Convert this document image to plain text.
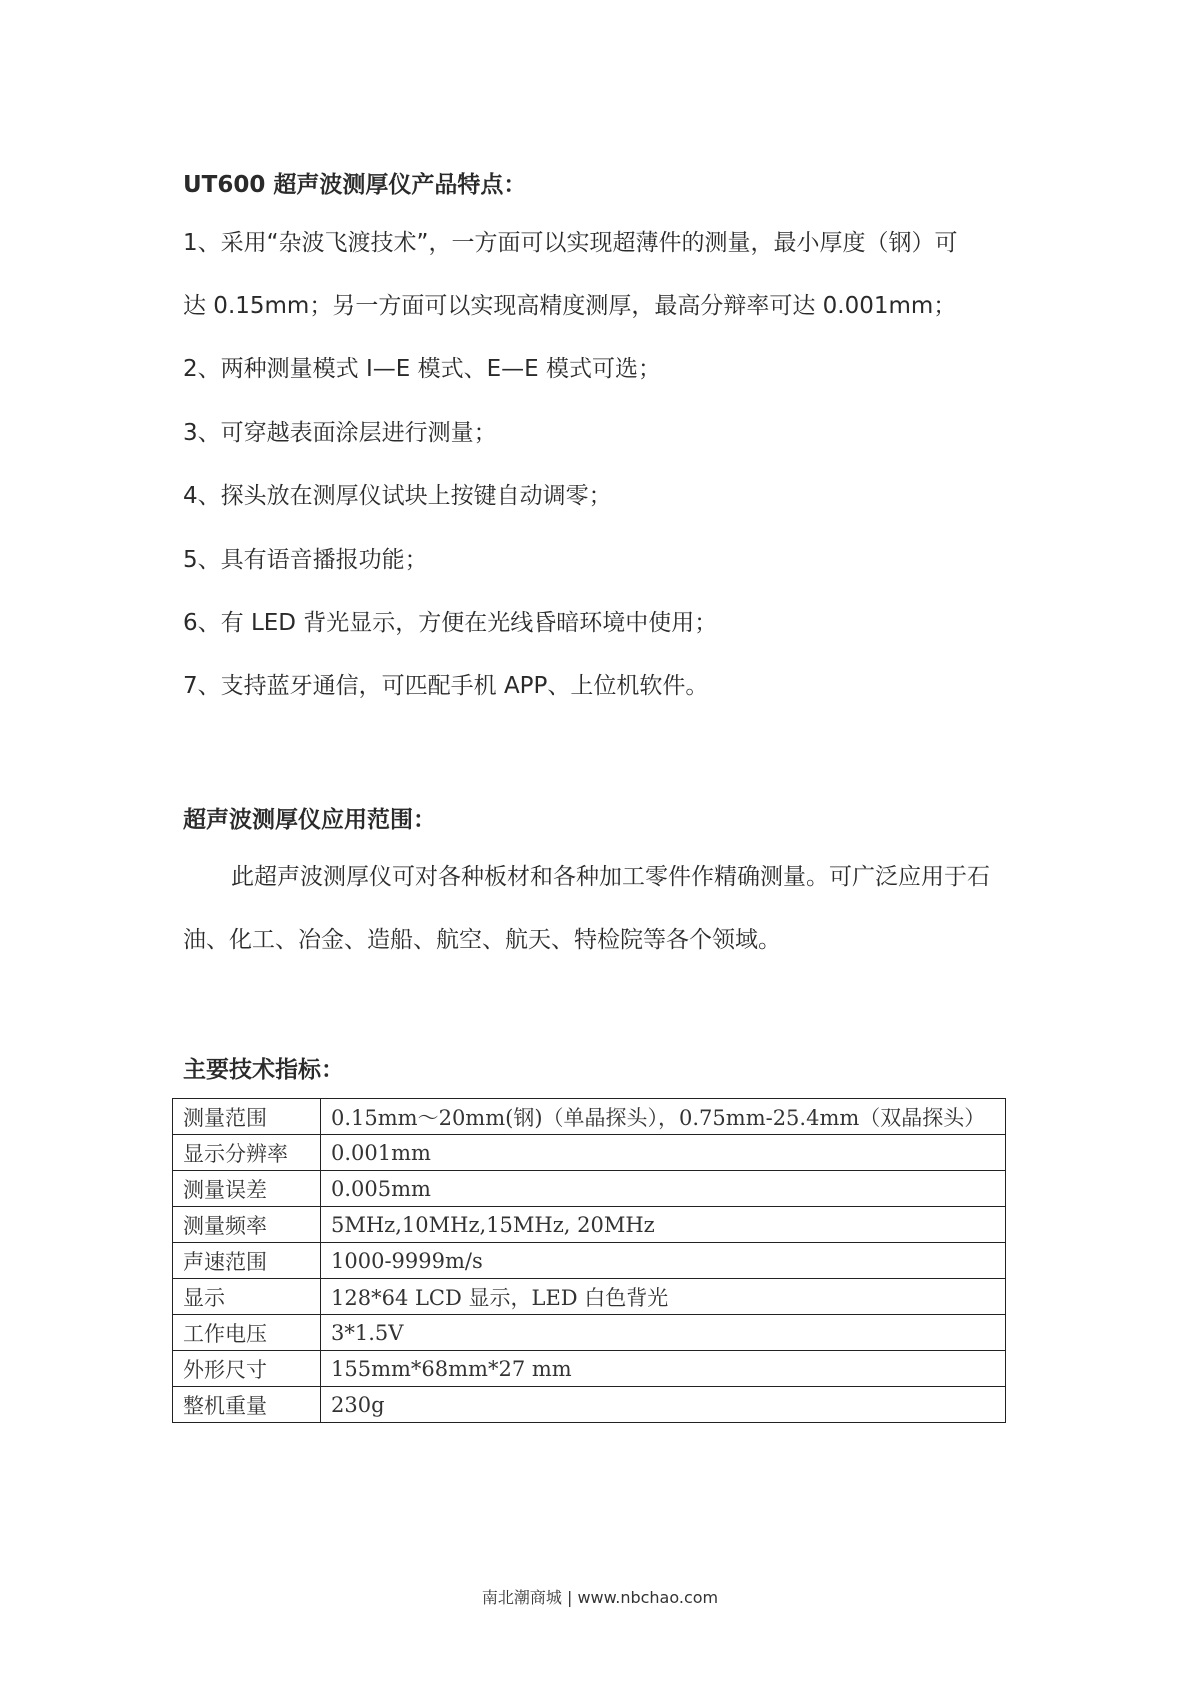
UT600 超声波测厚仪产品特点：
1、采用“杂波飞渡技术”，一方面可以实现超薄件的测量，最小厚度（钢）可
达 0.15mm；另一方面可以实现高精度测厚，最高分辩率可达 0.001mm；
2、两种测量模式 I—E 模式、E—E 模式可选；
3、可穿越表面涂层进行测量；
4、探头放在测厚仪试块上按键自动调零；
5、具有语音播报功能；
6、有 LED 背光显示，方便在光线昏暗环境中使用；
7、支持蓝牙通信，可匹配手机 APP、上位机软件。
超声波测厚仪应用范围：
此超声波测厚仪可对各种板材和各种加工零件作精确测量。可广泛应用于石
油、化工、冶金、造船、航空、航天、特检院等各个领域。
主要技术指标：
测量范围	0.15mm～20mm(钢)（单晶探头），0.75mm-25.4mm（双晶探头）
显示分辨率	0.001mm
测量误差	0.005mm
测量频率	5MHz,10MHz,15MHz, 20MHz
声速范围	1000-9999m/s
显示	128*64 LCD 显示，LED 白色背光
工作电压	3*1.5V
外形尺寸	155mm*68mm*27 mm
整机重量	230g
南北潮商城 | www.nbchao.com
